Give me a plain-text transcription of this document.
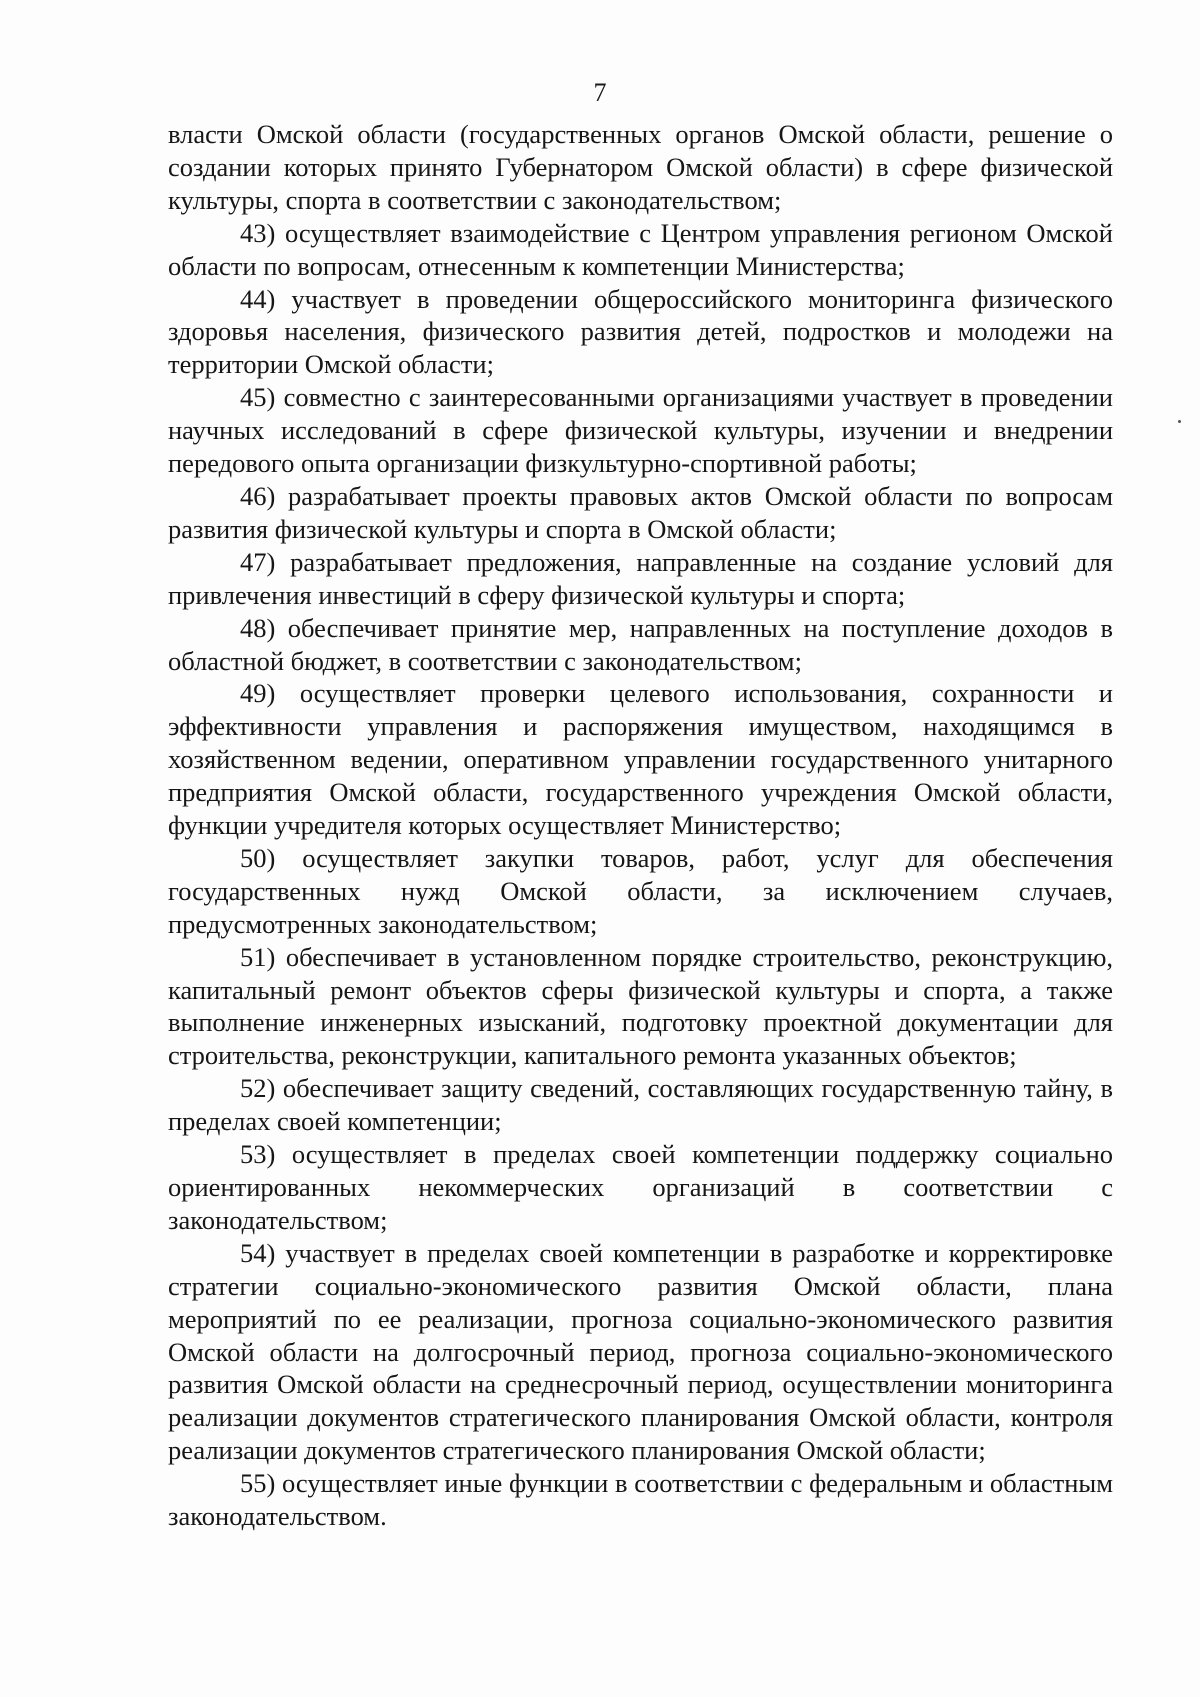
7

власти Омской области (государственных органов Омской области, решение о создании которых принято Губернатором Омской области) в сфере физической культуры, спорта в соответствии с законодательством;

43) осуществляет взаимодействие с Центром управления регионом Омской области по вопросам, отнесенным к компетенции Министерства;

44) участвует в проведении общероссийского мониторинга физического здоровья населения, физического развития детей, подростков и молодежи на территории Омской области;

45) совместно с заинтересованными организациями участвует в проведении научных исследований в сфере физической культуры, изучении и внедрении передового опыта организации физкультурно-спортивной работы;

46) разрабатывает проекты правовых актов Омской области по вопросам развития физической культуры и спорта в Омской области;

47) разрабатывает предложения, направленные на создание условий для привлечения инвестиций в сферу физической культуры и спорта;

48) обеспечивает принятие мер, направленных на поступление доходов в областной бюджет, в соответствии с законодательством;

49) осуществляет проверки целевого использования, сохранности и эффективности управления и распоряжения имуществом, находящимся в хозяйственном ведении, оперативном управлении государственного унитарного предприятия Омской области, государственного учреждения Омской области, функции учредителя которых осуществляет Министерство;

50) осуществляет закупки товаров, работ, услуг для обеспечения государственных нужд Омской области, за исключением случаев, предусмотренных законодательством;

51) обеспечивает в установленном порядке строительство, реконструкцию, капитальный ремонт объектов сферы физической культуры и спорта, а также выполнение инженерных изысканий, подготовку проектной документации для строительства, реконструкции, капитального ремонта указанных объектов;

52) обеспечивает защиту сведений, составляющих государственную тайну, в пределах своей компетенции;

53) осуществляет в пределах своей компетенции поддержку социально ориентированных некоммерческих организаций в соответствии с законодательством;

54) участвует в пределах своей компетенции в разработке и корректировке стратегии социально-экономического развития Омской области, плана мероприятий по ее реализации, прогноза социально-экономического развития Омской области на долгосрочный период, прогноза социально-экономического развития Омской области на среднесрочный период, осуществлении мониторинга реализации документов стратегического планирования Омской области, контроля реализации документов стратегического планирования Омской области;

55) осуществляет иные функции в соответствии с федеральным и областным законодательством.
